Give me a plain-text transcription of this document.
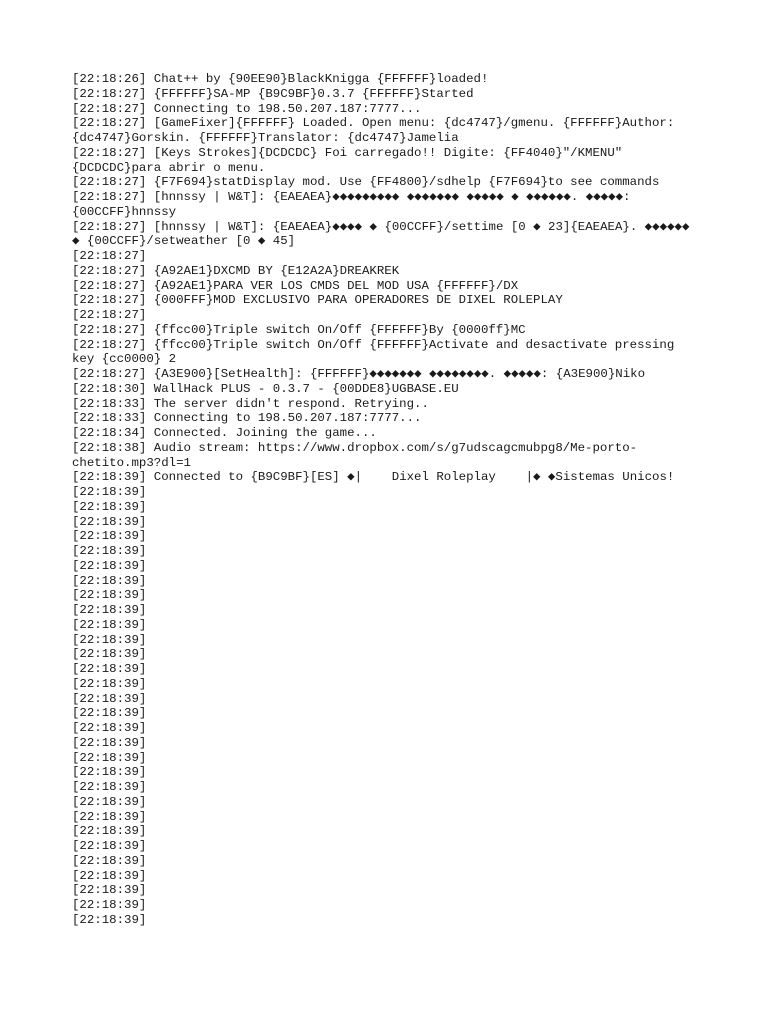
[22:18:26] Chat++ by {90EE90}BlackKnigga {FFFFFF}loaded!
[22:18:27] {FFFFFF}SA-MP {B9C9BF}0.3.7 {FFFFFF}Started
[22:18:27] Connecting to 198.50.207.187:7777...
[22:18:27] [GameFixer]{FFFFFF} Loaded. Open menu: {dc4747}/gmenu. {FFFFFF}Author: {dc4747}Gorskin. {FFFFFF}Translator: {dc4747}Jamelia
[22:18:27] [Keys Strokes]{DCDCDC} Foi carregado!! Digite: {FF4040}"/KMENU" {DCDCDC}para abrir o menu.
[22:18:27] {F7F694}statDisplay mod. Use {FF4800}/sdhelp {F7F694}to see commands
[22:18:27] [hnnssy | W&T]: {EAEAEA}◆◆◆◆◆◆◆◆◆ ◆◆◆◆◆◆◆ ◆◆◆◆◆ ◆ ◆◆◆◆◆◆. ◆◆◆◆◆: {00CCFF}hnnssy
[22:18:27] [hnnssy | W&T]: {EAEAEA}◆◆◆◆ ◆ {00CCFF}/settime [0 ◆ 23]{EAEAEA}. ◆◆◆◆◆◆ ◆ {00CCFF}/setweather [0 ◆ 45]
[22:18:27]
[22:18:27] {A92AE1}DXCMD BY {E12A2A}DREAKREK
[22:18:27] {A92AE1}PARA VER LOS CMDS DEL MOD USA {FFFFFF}/DX
[22:18:27] {000FFF}MOD EXCLUSIVO PARA OPERADORES DE DIXEL ROLEPLAY
[22:18:27]
[22:18:27] {ffcc00}Triple switch On/Off {FFFFFF}By {0000ff}MC
[22:18:27] {ffcc00}Triple switch On/Off {FFFFFF}Activate and desactivate pressing key {cc0000} 2
[22:18:27] {A3E900}[SetHealth]: {FFFFFF}◆◆◆◆◆◆◆ ◆◆◆◆◆◆◆◆. ◆◆◆◆◆: {A3E900}Niko
[22:18:30] WallHack PLUS - 0.3.7 - {00DDE8}UGBASE.EU
[22:18:33] The server didn't respond. Retrying..
[22:18:33] Connecting to 198.50.207.187:7777...
[22:18:34] Connected. Joining the game...
[22:18:38] Audio stream: https://www.dropbox.com/s/g7udscagcmubpg8/Me-porto-chetito.mp3?dl=1
[22:18:39] Connected to {B9C9BF}[ES] ◆|    Dixel Roleplay    |◆ ◆Sistemas Unicos!
[22:18:39]
[22:18:39]
[22:18:39]
[22:18:39]
[22:18:39]
[22:18:39]
[22:18:39]
[22:18:39]
[22:18:39]
[22:18:39]
[22:18:39]
[22:18:39]
[22:18:39]
[22:18:39]
[22:18:39]
[22:18:39]
[22:18:39]
[22:18:39]
[22:18:39]
[22:18:39]
[22:18:39]
[22:18:39]
[22:18:39]
[22:18:39]
[22:18:39]
[22:18:39]
[22:18:39]
[22:18:39]
[22:18:39]
[22:18:39]
